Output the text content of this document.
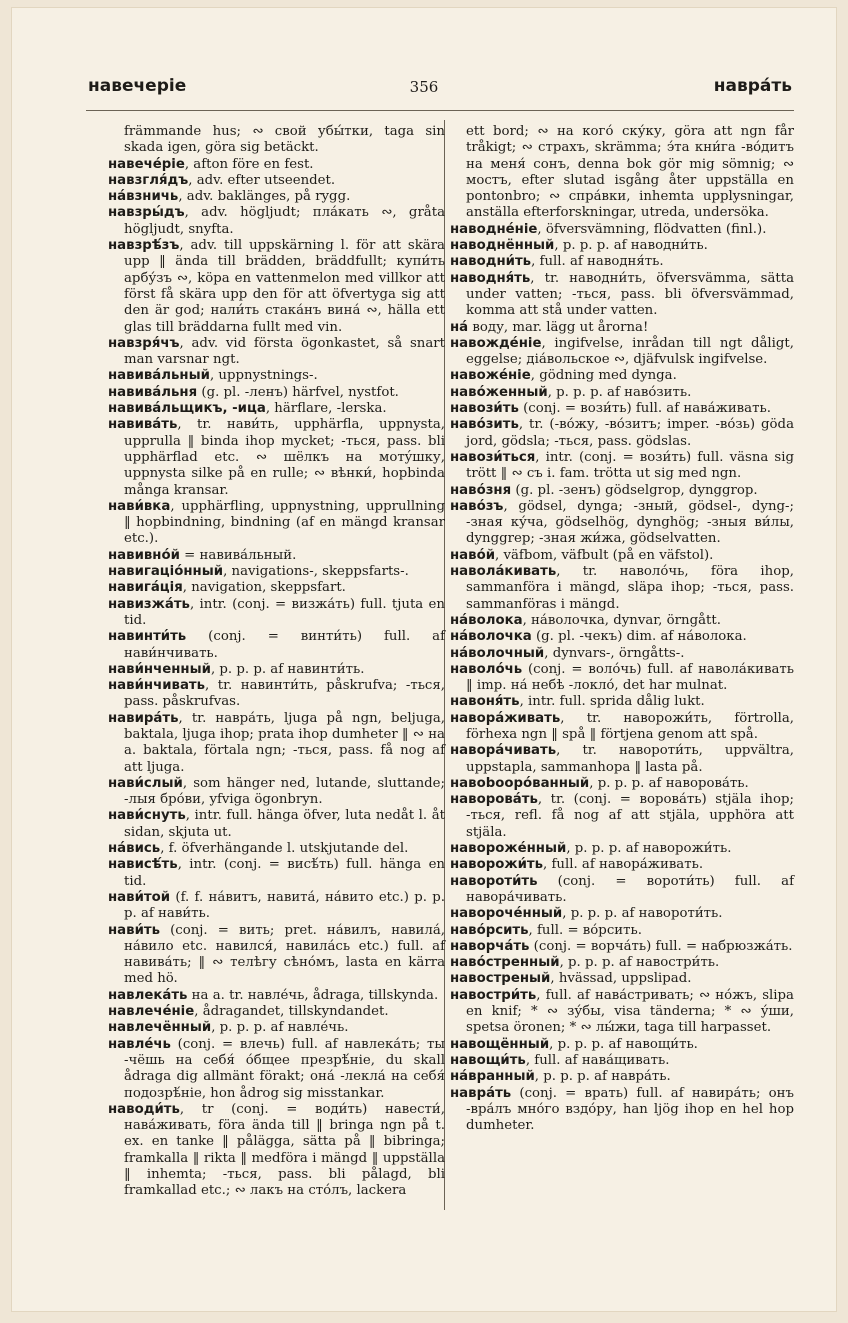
навечеріе	356	навра́ть

främmande hus; ∾ свой убы́тки, taga sin skada igen, göra sig betäckt.

навече́ріе, afton före en fest.

навзгля́дъ, adv. efter utseendet.

на́взничь, adv. baklänges, på rygg.

навзры́дъ, adv. högljudt; пла́кать ∾, gråta högljudt, snyfta.

навзрѣ́зъ, adv. till uppskärning l. för att skära upp ‖ ända till brädden, bräddfullt; купи́ть арбу́зъ ∾, köpa en vattenmelon med villkor att först få skära upp den för att öfvertyga sig att den är god; нали́ть стака́нъ вина́ ∾, hälla ett glas till bräddarna fullt med vin.

навзря́чъ, adv. vid första ögonkastet, så snart man varsnar ngt.

навива́льный, uppnystnings-.

навива́льня (g. pl. -ленъ) härfvel, nystfot.

навива́льщикъ, -ица, härflare, -lerska.

навива́ть, tr. нави́ть, upphärfla, uppnysta, upprulla ‖ binda ihop mycket; -ться, pass. bli upphärflad etc. ∾ шёлкъ на мотýшку, uppnysta silke på en rulle; ∾ вѣнки́, hopbinda många kransar.

нави́вка, upphärfling, uppnystning, upprullning ‖ hopbindning, bindning (af en mängd kransar etc.).

навивно́й = навива́льный.

навигаціо́нный, navigations-, skeppsfarts-.

навига́ція, navigation, skeppsfart.

навизжа́ть, intr. (conj. = визжа́ть) full. tjuta en tid.

навинти́ть (conj. = винти́ть) full. af нави́нчивать.

нави́нченный, p. p. p. af навинти́ть.

нави́нчивать, tr. навинти́ть, påskrufva; -ться, pass. påskrufvas.

навира́ть, tr. навра́ть, ljuga på ngn, beljuga, baktala, ljuga ihop; prata ihop dumheter ‖ ∾ на а. baktala, förtala ngn; -ться, pass. få nog af att ljuga.

нави́слый, som hänger ned, lutande, sluttande; -лыя бро́ви, yfviga ögonbryn.

нави́снуть, intr. full. hänga öfver, luta nedåt l. åt sidan, skjuta ut.

на́вись, f. öfverhängande l. utskjutande del.

нависѣ́ть, intr. (conj. = висѣ́ть) full. hänga en tid.

нави́той (f. f. на́витъ, навита́, на́вито etc.) p. p. p. af нави́ть.

нави́ть (conj. = вить; pret. на́вилъ, навила́, на́вило etc. навился́, навила́сь etc.) full. af навива́ть; ‖ ∾ телѣгу сѣно́мъ, lasta en kärra med hö.

навлека́ть на a. tr. навле́чь, ådraga, tillskynda.

навлече́ніе, ådragandet, tillskyndandet.

навлечённый, p. p. p. af навле́чь.

навле́чь (conj. = влечь) full. af навлека́ть; ты -чёшь на себя́ о́бщее презрѣ́ніе, du skall ådraga dig allmänt förakt; она́ -лекла́ на себя́ подозрѣ́ніе, hon ådrog sig misstankar.

наводи́ть, tr (conj. = води́ть) навести́, нава́живать, föra ända till ‖ bringa ngn på t. ex. en tanke ‖ pålägga, sätta på ‖ bibringa; framkalla ‖ rikta ‖ medföra i mängd ‖ uppställa ‖ inhemta; -ться, pass. bli pålagd, bli framkallad etc.; ∾ лакъ на сто́лъ, lackera

ett bord; ∾ на кого́ ску́ку, göra att ngn får tråkigt; ∾ страхъ, skrämma; э́та кни́га -во́дитъ на меня́ сонъ, denna bok gör mig sömnig; ∾ мостъ, efter slutad isgång åter uppställa en pontonbro; ∾ спра́вки, inhemta upplysningar, anställa efterforskningar, utreda, undersöka.

наводне́ніе, öfversvämning, flödvatten (finl.).

наводнённый, p. p. p. af наводни́ть.

наводни́ть, full. af наводня́ть.

наводня́ть, tr. наводни́ть, öfversvämma, sätta under vatten; -ться, pass. bli öfversvämmad, komma att stå under vatten.

на́ воду, mar. lägg ut årorna!

навожде́ніе, ingifvelse, inrådan till ngt dåligt, eggelse; діа́вольское ∾, djäfvulsk ingifvelse.

навоже́ніе, gödning med dynga.

наво́женный, p. p. p. af наво́зить.

навози́ть (conj. = вози́ть) full. af нава́живать.

наво́зить, tr. (-во́жу, -во́зитъ; imper. -во́зь) göda jord, gödsla; -ться, pass. gödslas.

навози́ться, intr. (conj. = вози́ть) full. väsna sig trött ‖ ∾ съ i. fam. trötta ut sig med ngn.

наво́зня (g. pl. -зенъ) gödselgrop, dynggrop.

наво́зъ, gödsel, dynga; -зный, gödsel-, dyng-; -зная ку́ча, gödselhög, dynghög; -зныя ви́лы, dynggrep; -зная жи́жа, gödselvatten.

наво́й, väfbom, väfbult (på en väfstol).

навола́кивать, tr. наволо́чь, föra ihop, sammanföra i mängd, släpa ihop; -ться, pass. sammanföras i mängd.

на́волока, на́волочка, dynvar, örngått.

на́волочка (g. pl. -чекъ) dim. af на́волока.

на́волочный, dynvars-, örngåtts-.

наволо́чь (conj. = воло́чь) full. af навола́кивать ‖ imp. на́ небѣ -локло́, det har mulnat.

навоня́ть, intr. full. sprida dålig lukt.

навора́живать, tr. наворожи́ть, förtrolla, förhexa ngn ‖ spå ‖ förtjena genom att spå.

навора́чивать, tr. навороти́ть, uppvältra, uppstapla, sammanhopa ‖ lasta på.

навоbooро́ванный, p. p. p. af наворова́ть.

наворова́ть, tr. (conj. = ворова́ть) stjäla ihop; -ться, refl. få nog af att stjäla, upphöra att stjäla.

навороже́нный, p. p. p. af наворожи́ть.

наворожи́ть, full. af навора́живать.

навороти́ть (conj. = вороти́ть) full. af навора́чивать.

навороче́нный, p. p. p. af навороти́ть.

наво́рсить, full. = во́рсить.

наворча́ть (conj. = ворча́ть) full. = набрюзжа́ть.

наво́стренный, p. p. p. af навостри́ть.

навостреный, hvässad, uppslipad.

навостри́ть, full. af нава́стривать; ∾ но́жъ, slipa en knif; * ∾ зу́бы, visa tänderna; * ∾ у́ши, spetsa öronen; * ∾ лы́жи, taga till harpasset.

навощённый, p. p. p. af навощи́ть.

навощи́ть, full. af нава́щивать.

на́вранный, p. p. p. af навра́ть.

навра́ть (conj. = врать) full. af навира́ть; онъ -вра́лъ мно́го вздо́ру, han ljög ihop en hel hop dumheter.
